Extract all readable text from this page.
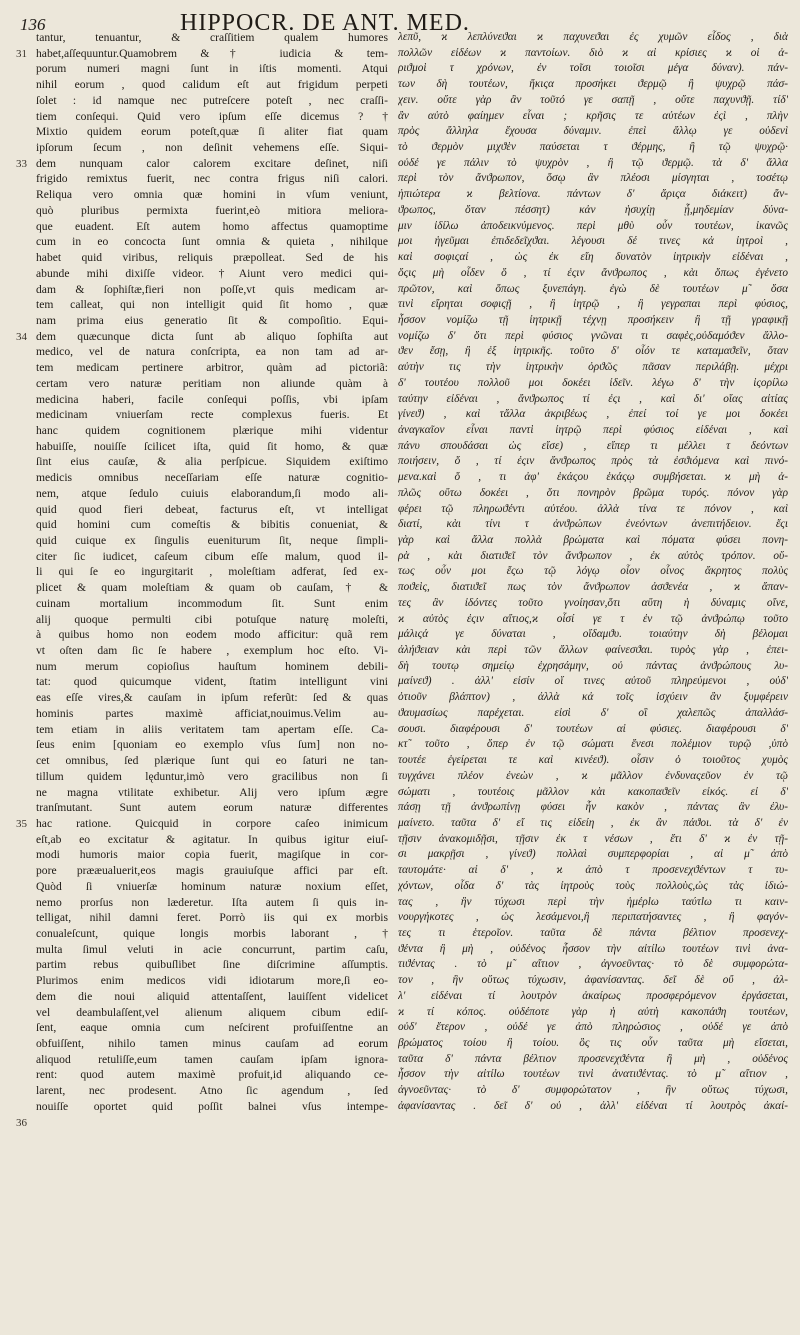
136	HIPPOCR. DE ANT. MED.
31
33
34
35
36
tantur, tenuantur, & craſſitiem qualem humores
habet,aſſequuntur.Quamobrem &† iudicia & tem-
porum numeri magni ſunt in iſtis momenti. Atqui
nihil eorum , quod calidum eſt aut frigidum perpeti
ſolet : id namque nec putreſcere poteſt , nec craſſi-
tiem conſequi. Quid vero ipſum eſſe dicemus ? †
Mixtio quidem eorum poteſt,quæ ſi aliter fiat quam
ipſorum ſecum , non deſinit vehemens eſſe. Siqui-
dem nunquam calor calorem excitare deſinet, niſi
frigido remixtus fuerit, nec contra frigus niſi calori.
Reliqua vero omnia quæ homini in vſum veniunt,
quò pluribus permixta fuerint,eò mitiora meliora-
que euadent. Eſt autem homo affectus quamoptime
cum in eo concocta ſunt omnia & quieta , nihilque
habet quid viribus, reliquis præpolleat. Sed de his
abunde mihi dixiſſe videor.†Aiunt vero medici qui-
dam & ſophiſtæ,fieri non poſſe,vt quis medicam ar-
tem calleat, qui non intelligit quid ſit homo , quæ
nam prima eius generatio ſit & compoſitio. Equi-
dem quæcunque dicta ſunt ab aliquo ſophiſta aut
medico, vel de natura conſcripta, ea non tam ad ar-
tem medicam pertinere arbitror, quàm ad pictoriã:
certam vero naturæ peritiam non aliunde quàm à
medicina haberi, facile conſequi poſſis, vbi ipſam
medicinam vniuerſam recte complexus fueris. Et
hanc quidem cognitionem plærique mihi videntur
habuiſſe, nouiſſe ſcilicet iſta, quid ſit homo, & quæ
ſint eius cauſæ, & alia perſpicue. Siquidem exiſtimo
medicis omnibus neceſſariam eſſe naturæ cognitio-
nem, atque ſedulo cuiuis elaborandum,ſi modo ali-
quid quod fieri debeat, facturus eſt, vt intelligat
quid homini cum comeſtis & bibitis conueniat, &
quid cuique ex ſingulis eueniturum ſit, neque ſimpli-
citer ſic iudicet, caſeum cibum eſſe malum, quod il-
li qui ſe eo ingurgitarit , moleſtiam adferat, ſed ex-
plicet & quam moleſtiam & quam ob cauſam,† &
cuinam mortalium incommodum ſit. Sunt enim
alij quoque permulti cibi potuſque naturę moleſti,
à quibus homo non eodem modo afficitur: quã rem
vt oſten dam ſic ſe habere , exemplum hoc eſto. Vi-
num merum copioſius hauſtum hominem debili-
tat: quod quicumque vident, ſtatim intelligunt vini
eas eſſe vires,& cauſam in ipſum referũt: ſed & quas
hominis partes maximè afficiat,nouimus.Velim au-
tem etiam in aliis veritatem tam apertam eſſe. Ca-
ſeus enim [quoniam eo exemplo vſus ſum] non no-
cet omnibus, ſed plærique ſunt qui eo ſaturi ne tan-
tillum quidem lęduntur,imò vero gracilibus non ſi
ne magna vtilitate exhibetur. Alij vero ipſum ægre
tranſmutant. Sunt autem eorum naturæ differentes
hac ratione. Quicquid in corpore caſeo inimicum
eſt,ab eo excitatur & agitatur. In quibus igitur eiuſ-
modi humoris maior copia fuerit, magiſque in cor-
pore prææualuerit,eos magis grauiuſque affici par eſt.
Quòd ſi vniuerſæ hominum naturæ noxium eſſet,
nemo prorſus non læderetur. Iſta autem ſi quis in-
telligat, nihil damni feret. Porrò iis qui ex morbis
conualeſcunt, quique longis morbis laborant , †
multa ſimul veluti in acie concurrunt, partim caſu,
partim rebus quibuſlibet ſine diſcrimine aſſumptis.
Plurimos enim medicos vidi idiotarum more,ſi eo-
dem die noui aliquid attentaſſent, lauiſſent videlicet
vel deambulaſſent,vel alienum aliquem cibum ediſ-
ſent, eaque omnia cum neſcirent profuiſſentne an
obfuiſſent, nihilo tamen minus cauſam ad eorum
aliquod retuliſſe,eum tamen cauſam ipſam ignora-
rent: quod autem maximè profuit,id aliquando ce-
larent, nec prodesent. Atno ſic agendum , ſed
nouiſſe oportet quid poſſit balnei vſus intempe-
λεπῦ, ϰ λεπλύνεϑαι ϰ παχυνεϑαι ἐς χυμῶν εἶδος , διὰ
πολλῶν εἰδέων ϰ παντοίων. διὸ ϰ αἱ κρίσιες ϰ οἱ ἀ-
ριϑμοὶ τ χρόνων, ἐν τοῖσι τοιοῖσι μέγα δύναν). πάν-
των δὴ τουτέων, ἥκιςα προσήκει ϑερμῷ ἢ ψυχρῷ πάσ-
χειν. οὔτε γὰρ ἂν τοῦτό γε σαπῇ , οὔτε παχυνϑῇ. τίδ'
ἂν αὐτὸ φαίημεν εἶναι ; κρῆσις τε αὐτέων ἐςὶ , πλὴν
πρὸς ἄλληλα ἔχουσα δύναμιν. ἐπεὶ ἄλλῳ γε οὐδενὶ
τὸ ϑερμὸν μιχϑὲν παύσεται τ ϑέρμης, ἢ τῷ ψυχρῷ·
οὐδέ γε πάλιν τὸ ψυχρὸν , ἢ τῷ ϑερμῷ. τὰ δ' ἄλλα
περὶ τὸν ἄνϑρωπον, ὅσῳ ἂν πλέοσι μίσγηται , τοσέτῳ
ἠπιώτερα ϰ βελτίονα. πάντων δ' ἄριςα διάκειτ) ἄν-
ϑρωπος, ὅταν πέσσητ) κἀν ἡσυχίῃ ᾖ,μηδεμίαν δύνα-
μιν ἰδίλω ἀποδεικνύμενος. περὶ μθὺ οὖν τουτέων, ἱκανῶς
μοι ἡγεῦμαι ἐπιδεδεῖχϑαι. λέγουσι δέ τινες κἀ ἰητροὶ ,
καὶ σοφιςαί , ὡς ἐκ εἴη δυνατὸν ἰητρικὴν εἰδέναι ,
ὅςις μὴ οἶδεν ὅ , τί ἐςιν ἄνϑρωπος , κὰι ὅπως ἐγένετο
πρῶτον, καὶ ὅπως ξυνεπάγη. ἐγὼ δὲ τουτέων μ̃ ὅσα
τινὶ εἴρηται σοφιςῇ , ἢ ἰητρῷ , ἢ γεγραπαι περὶ φύσιος,
ἧσσον νομίζω τῇ ἰητρικῇ τέχνῃ προσήκειν ἢ τῇ γραφικῇ
νομίζω δ' ὅτι περὶ φύσιος γνῶναι τι σαφὲς,οὐδαμόϑεν ἄλλο-
ϑεν ἔσῃ, ἢ ἐξ ἰητρικῆς. τοῦτο δ' οἷόν τε καταμαϑεῖν, ὅταν
αὐτὴν τις τὴν ἰητρικὴν ὀρϑῶς πᾶσαν περιλάβῃ. μέχρι
δ' τουτέου πολλοῦ μοι δοκέει ἰδεῖν. λέγω δ' τὴν ἱςορίλω
ταύτην εἰδέναι , ἄνϑρωπος τί ἐςι , καὶ δι' οἵας αἰτίας
γίνεϑ) , καὶ τἄλλα ἀκριβέως , ἐπεί τοί γε μοι δοκέει
ἀναγκαῖον εἶναι παντὶ ἰητρῷ περὶ φύσιος εἰδέναι , καὶ
πάνυ σπουδάσαι ὡς εἴσε) , εἴπερ τι μέλλει τ δεόντων
ποιήσειν, ὅ , τί ἐςιν ἄνϑρωπος πρὸς τὰ ἐσϑιόμενα καὶ πινό-
μενα.καὶ ὅ , τι ἀφ' ἑκάςου ἑκάςῳ συμβήσεται. ϰ μὴ ἁ-
πλῶς οὕτω δοκέει , ὅτι πονηρὸν βρῶμα τυρός. πόνον γὰρ
φέρει τῷ πληρωϑέντι αὐτέου. ἀλλὰ τίνα τε πόνον , καὶ
διατί, κὰι τίνι τ ἀνϑρώπων ἐνεόντων ἀνεπιτήδειον. ἔςι
γὰρ καὶ ἄλλα πολλὰ βρώματα καὶ πόματα φύσει πονη-
ρὰ , κὰι διατιϑεῖ τὸν ἄνϑρωπον , ἐκ αὐτὸς τρόπον. οὕ-
τως οὖν μοι ἔςω τῷ λόγῳ οἷον οἶνος ἄκρητος πολὺς
ποϑεὶς, διατιϑεῖ πως τὸν ἄνϑρωπον ἀσϑενέα , ϰ ἄπαν-
τες ἂν ἰδόντες τοῦτο γνοίησαν,ὅτι αὕτη ἡ δύναμις οἴνε,
ϰ αὐτὸς ἐςιν αἴτιος,ϰ οἷσί γε τ ἐν τῷ ἀνϑρώπῳ τοῦτο
μάλιςά γε δύναται , οἴδαμϑυ. τοιαύτην δὴ βέλομαι
ἀλήϑειαν κὰι περὶ τῶν ἄλλων φαίνεσϑαι. τυρὸς γὰρ , ἐπει-
δὴ τουτῳ σημείῳ ἐχρησάμην, οὐ πάντας ἀνϑρώπους λυ-
μαίνεϑ) . ἀλλ' εἰσίν οἵ τινες αὐτοῦ πληρεύμενοι , οὐδ'
ὁτιοῦν βλάπτον) , ἀλλὰ κἀ τοῖς ἰσχύειν ἂν ξυμφέρειν
ϑαυμασίως παρέχεται. εἰσὶ δ' οἳ χαλεπῶς ἀπαλλάσ-
σουσι. διαφέρουσι δ' τουτέων αἱ φύσιες. διαφέρουσι δ'
κτ̃ τοῦτο , ὅπερ ἐν τῷ σώματι ἔνεσι πολέμιον τυρῷ ,ὑπὸ
τουτέε ἐγείρεται τε καὶ κινέεϑ). οἷσιν ὁ τοιοῦτος χυμὸς
τυγχάνει πλέον ἐνεὼν , ϰ μᾶλλον ἐνδυναςεῦον ἐν τῷ
σώματι , τουτέοις μᾶλλον κὰι κακοπαϑεῖν εἰκός. εἰ δ'
πάσῃ τῇ ἀνϑρωπίνῃ φύσει ἦν κακὸν , πάντας ἂν ἐλυ-
μαίνετο. ταῦτα δ' εἴ τις εἰδείη , ἐκ ἂν πάϑοι. τὰ δ' ἐν
τῇσιν ἀνακομιδῇσι, τῇσιν ἐκ τ νέσων , ἔτι δ' ϰ ἐν τῇ-
σι μακρῇσι , γίνεϑ) πολλαὶ συμπερφορίαι , αἱ μ̃ ἀπὸ
ταυτομάτε· αἱ δ' , ϰ ἀπὸ τ προσενεχϑέντων τ τυ-
χόντων, οἶδα δ' τὰς ἰητροὺς τοὺς πολλοὺς,ὡς τὰς ἰδιώ-
τας , ἣν τύχωσι περὶ τὴν ἡμέρlω ταύτlω τι καιν-
νουργήκοτες , ὡς λεσάμενοι,ἢ περιπατήσαντες , ἢ φαγόν-
τες τι ἑτεροῖον. ταῦτα δὲ πάντα βέλτιον προσενεχ-
ϑέντα ἢ μὴ , οὐδένος ἧσσον τὴν αἰτίlω τουτέων τινὶ ἀνα-
τιϑέντας . τὸ μ̃ αἴτιον , ἀγνοεῦντας· τὸ δὲ συμφορώτα-
τον , ἣν οὕτως τύχωσιν, ἀφανίσαντας. δεῖ δὲ οὔ , ἀλ-
λ' εἰδέναι τί λουτρὸν ἀκαίρως προσφερόμενον ἐργάσεται,
ϰ τί κόπος. οὐδέποτε γὰρ ἡ αὐτὴ κακοπάϑη τουτέων,
οὐδ' ἕτερον , οὐδέ γε ἀπὸ πληρώσιος , οὐδέ γε ἀπὸ
βρώματος τοίου ἢ τοίου. ὃς τις οὖν ταῦτα μὴ εἴσεται,
ταῦτα δ' πάντα βέλτιον προσενεχϑέντα ἢ μὴ , οὐδένος
ἧσσον τὴν αἰτίlω τουτέων τινὶ ἀνατιϑέντας. τὸ μ̃ αἴτιον ,
ἀγνοεῦντας· τὸ δ' συμφορώτατον , ἣν οὕτως τύχωσι,
ἀφανίσαντας . δεῖ δ' οὐ , ἀλλ' εἰδέναι τί λουτρὸς ἀκαί-
